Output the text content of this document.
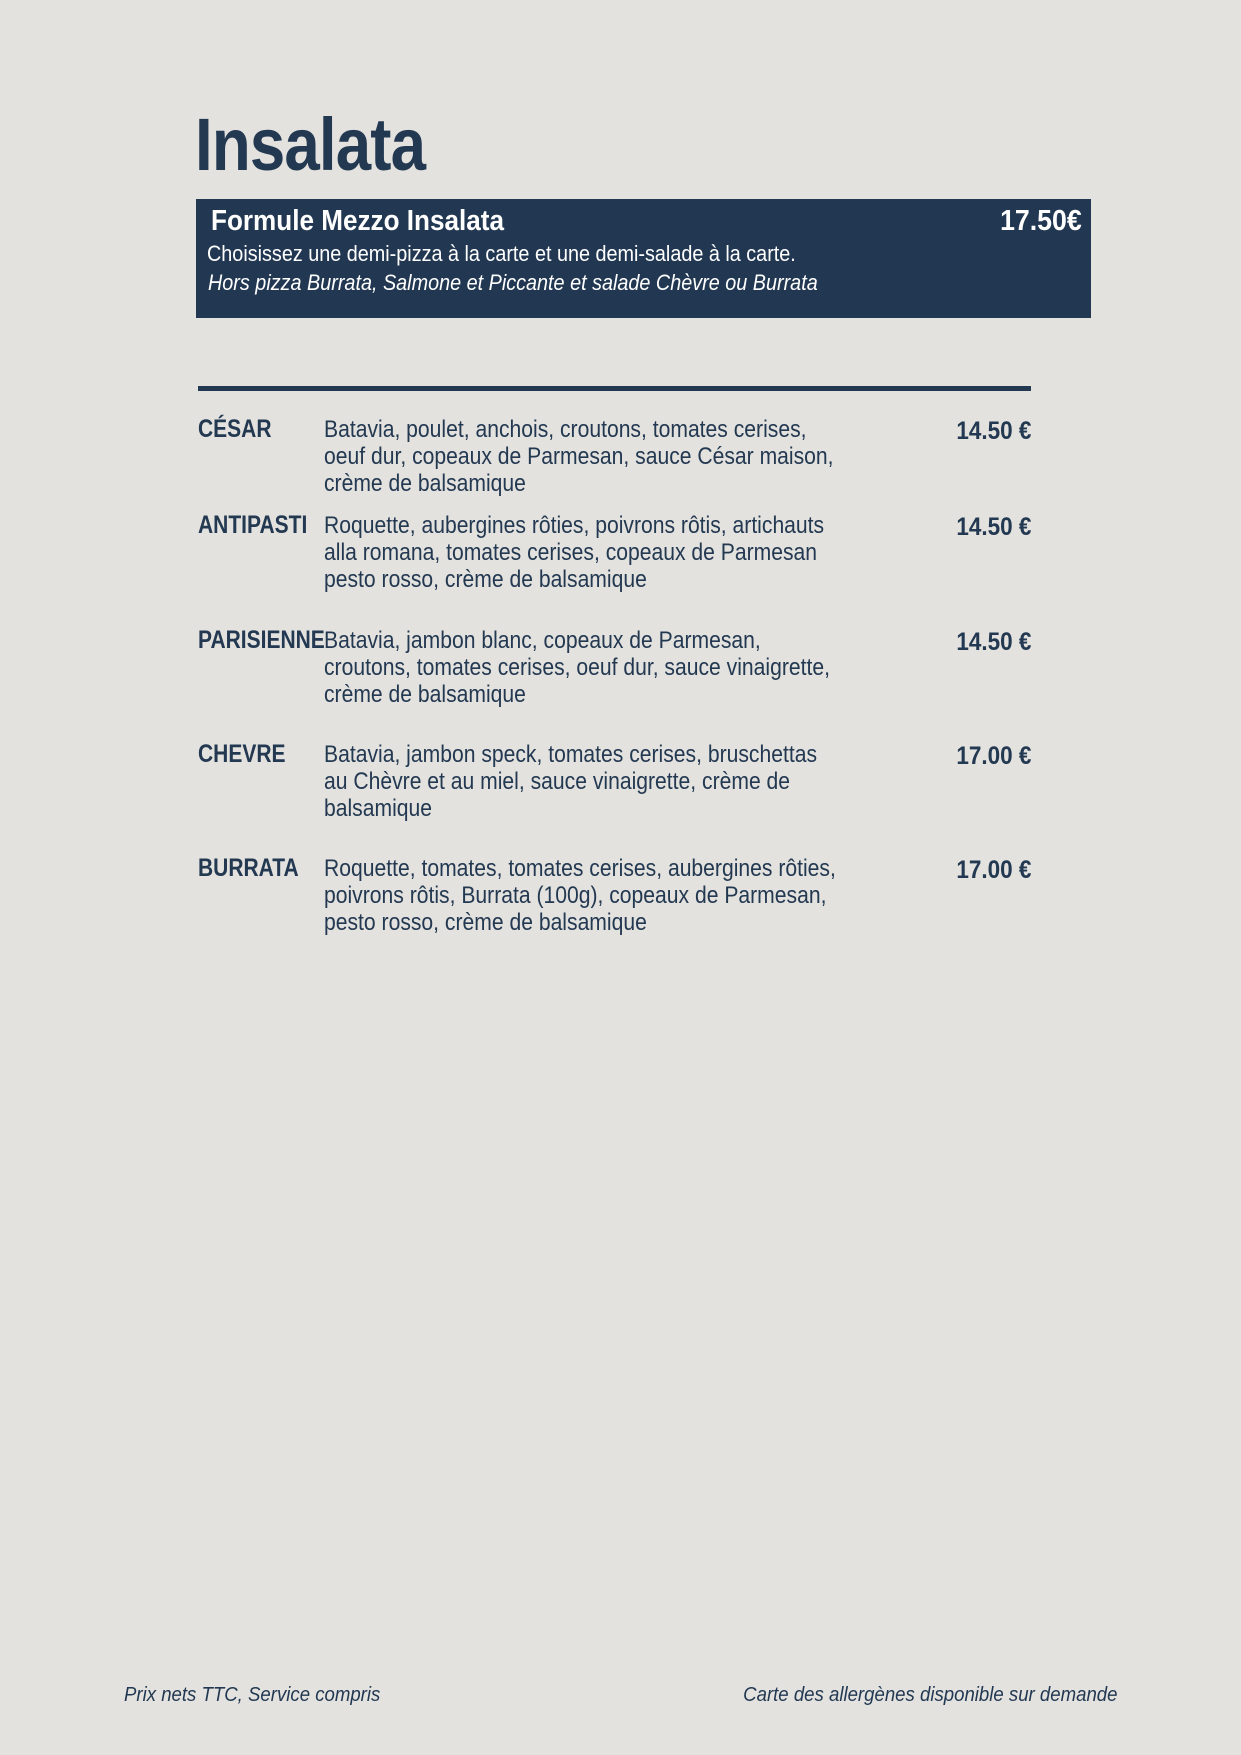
Insalata
Formule Mezzo Insalata	17.50€
Choisissez une demi-pizza à la carte et une demi-salade à la carte.
Hors pizza Burrata, Salmone et Piccante et salade Chèvre ou Burrata
CÉSAR Batavia, poulet, anchois, croutons, tomates cerises,
oeuf dur, copeaux de Parmesan, sauce César maison,
crème de balsamique
14.50 €
ANTIPASTI Roquette, aubergines rôties, poivrons rôtis, artichauts
alla romana, tomates cerises, copeaux de Parmesan
pesto rosso, crème de balsamique
14.50 €
PARISIENNE Batavia, jambon blanc, copeaux de Parmesan,
croutons, tomates cerises, oeuf dur, sauce vinaigrette,
crème de balsamique
14.50 €
CHEVRE Batavia, jambon speck, tomates cerises, bruschettas
au Chèvre et au miel, sauce vinaigrette, crème de
balsamique
17.00 €
BURRATA Roquette, tomates, tomates cerises, aubergines rôties,
poivrons rôtis, Burrata (100g), copeaux de Parmesan,
pesto rosso, crème de balsamique
17.00 €
Prix nets TTC, Service compris	Carte des allergènes disponible sur demande
